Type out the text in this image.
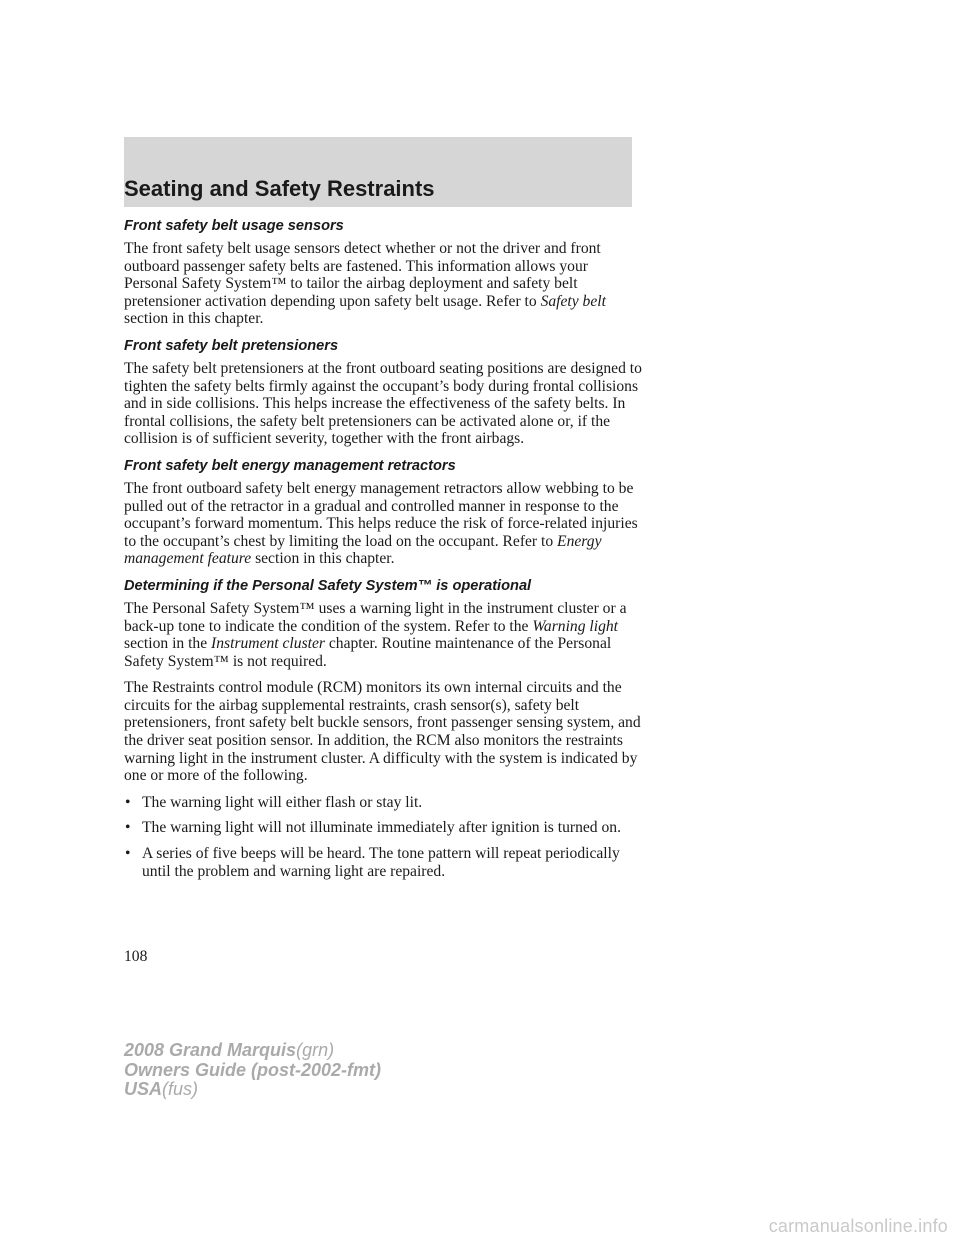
Seating and Safety Restraints
Front safety belt usage sensors

The front safety belt usage sensors detect whether or not the driver and front outboard passenger safety belts are fastened. This information allows your Personal Safety System™ to tailor the airbag deployment and safety belt pretensioner activation depending upon safety belt usage. Refer to Safety belt section in this chapter.

Front safety belt pretensioners

The safety belt pretensioners at the front outboard seating positions are designed to tighten the safety belts firmly against the occupant’s body during frontal collisions and in side collisions. This helps increase the effectiveness of the safety belts. In frontal collisions, the safety belt pretensioners can be activated alone or, if the collision is of sufficient severity, together with the front airbags.

Front safety belt energy management retractors

The front outboard safety belt energy management retractors allow webbing to be pulled out of the retractor in a gradual and controlled manner in response to the occupant’s forward momentum. This helps reduce the risk of force-related injuries to the occupant’s chest by limiting the load on the occupant. Refer to Energy management feature section in this chapter.

Determining if the Personal Safety System™ is operational

The Personal Safety System™ uses a warning light in the instrument cluster or a back-up tone to indicate the condition of the system. Refer to the Warning light section in the Instrument cluster chapter. Routine maintenance of the Personal Safety System™ is not required.

The Restraints control module (RCM) monitors its own internal circuits and the circuits for the airbag supplemental restraints, crash sensor(s), safety belt pretensioners, front safety belt buckle sensors, front passenger sensing system, and the driver seat position sensor. In addition, the RCM also monitors the restraints warning light in the instrument cluster. A difficulty with the system is indicated by one or more of the following.

• The warning light will either flash or stay lit.
• The warning light will not illuminate immediately after ignition is turned on.
• A series of five beeps will be heard. The tone pattern will repeat periodically until the problem and warning light are repaired.

108

2008 Grand Marquis(grn)
Owners Guide (post-2002-fmt)
USA(fus)
carmanualsonline.info
